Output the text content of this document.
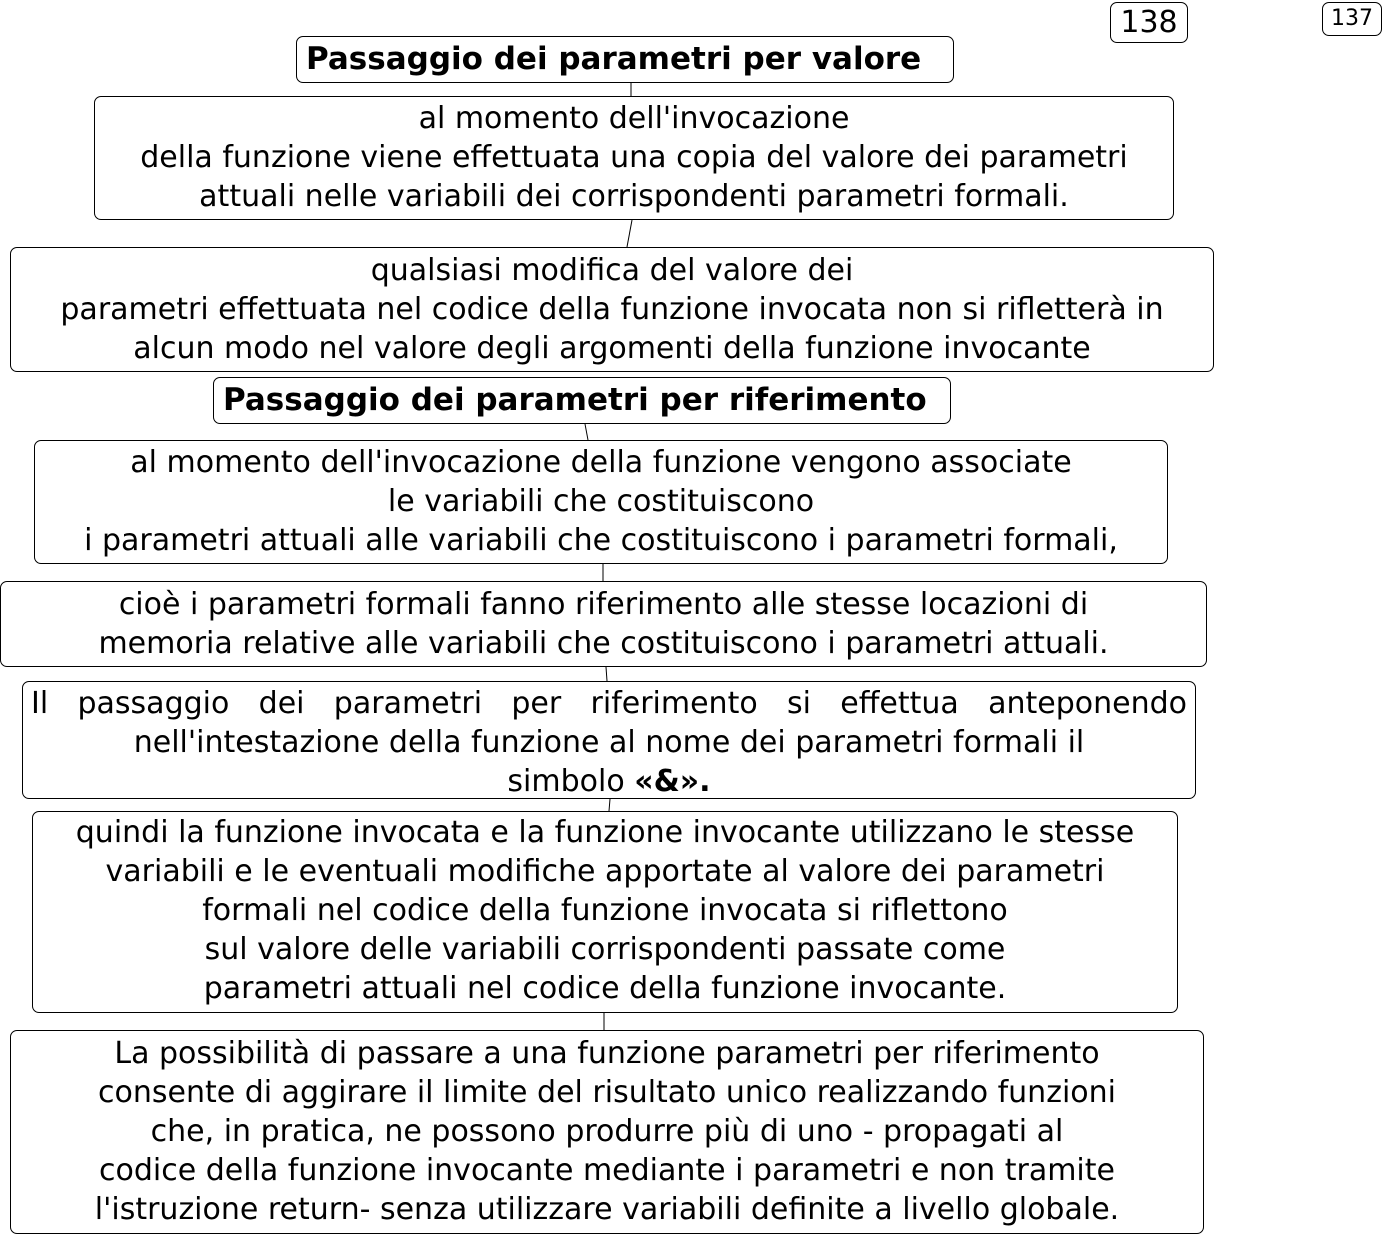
138	137
Passaggio dei parametri per valore
al momento dell'invocazione
della funzione viene effettuata una copia del valore dei parametri
attuali nelle variabili dei corrispondenti parametri formali.
qualsiasi modifica del valore dei
parametri effettuata nel codice della funzione invocata non si rifletterà in
alcun modo nel valore degli argomenti della funzione invocante
Passaggio dei parametri per riferimento
al momento dell'invocazione della funzione vengono associate
le variabili che costituiscono
i parametri attuali alle variabili che costituiscono i parametri formali,
cioè i parametri formali fanno riferimento alle stesse locazioni di
memoria relative alle variabili che costituiscono i parametri attuali.
Il passaggio dei parametri per riferimento si effettua anteponendo
nell'intestazione della funzione al nome dei parametri formali il
simbolo «&».
quindi la funzione invocata e la funzione invocante utilizzano le stesse
variabili e le eventuali modifiche apportate al valore dei parametri
formali nel codice della funzione invocata si riflettono
sul valore delle variabili corrispondenti passate come
parametri attuali nel codice della funzione invocante.
La possibilità di passare a una funzione parametri per riferimento
consente di aggirare il limite del risultato unico realizzando funzioni
che, in pratica, ne possono produrre più di uno - propagati al
codice della funzione invocante mediante i parametri e non tramite
l'istruzione return- senza utilizzare variabili definite a livello globale.
